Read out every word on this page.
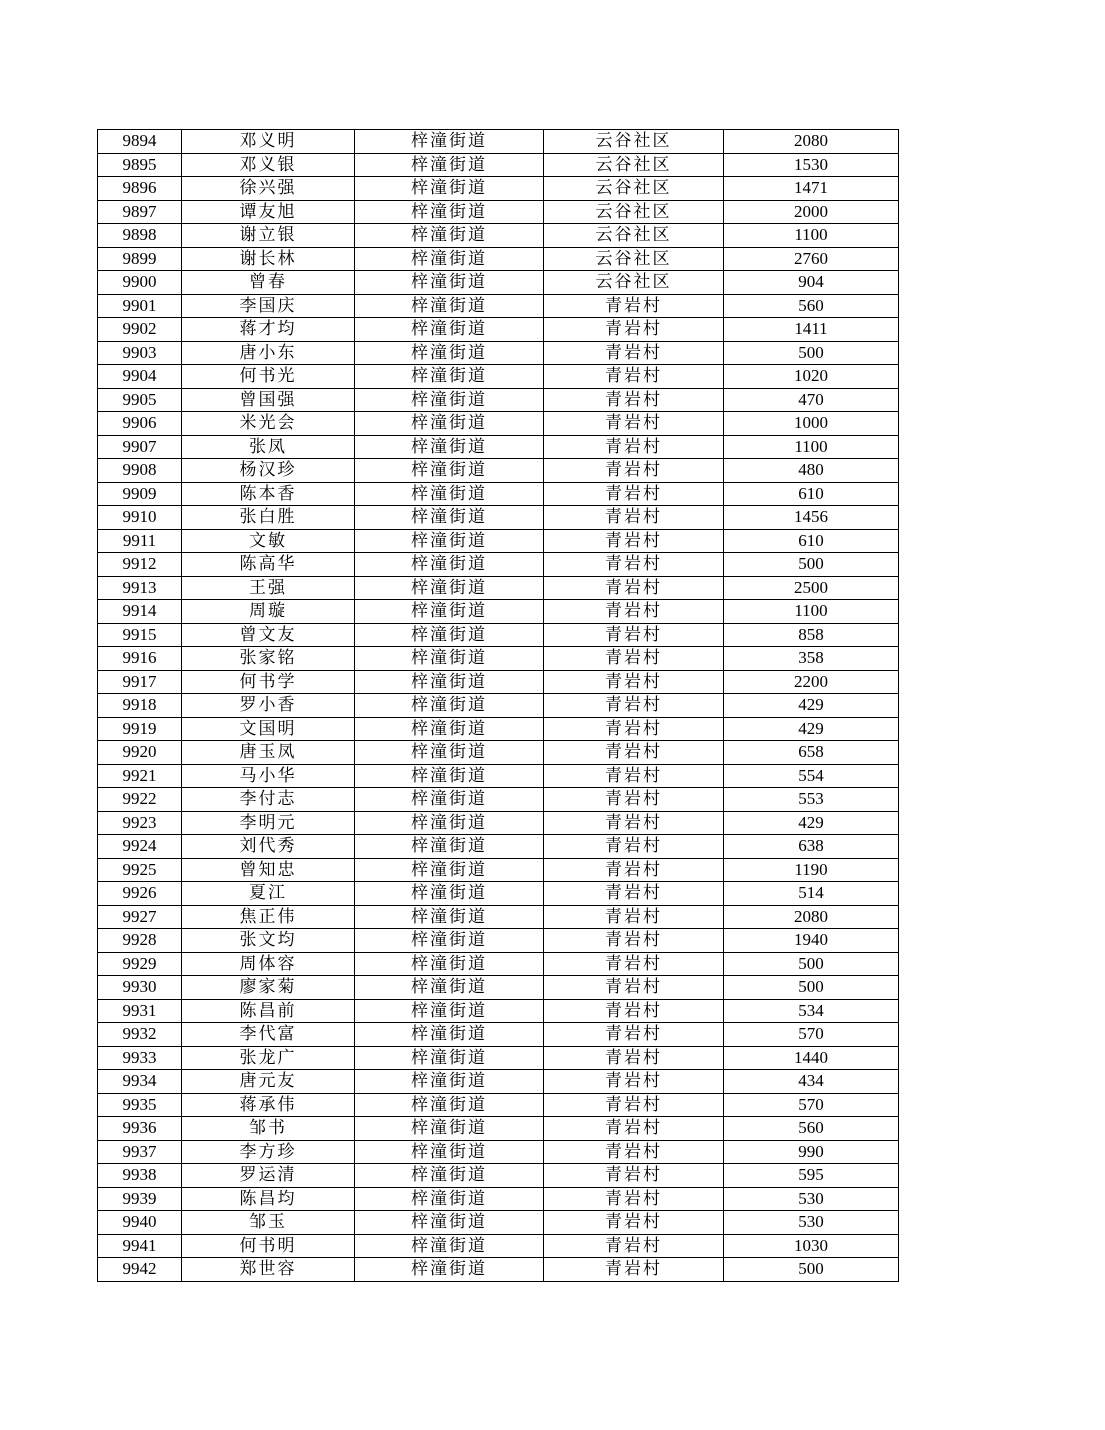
9894	邓义明	梓潼街道	云谷社区	2080
9895	邓义银	梓潼街道	云谷社区	1530
9896	徐兴强	梓潼街道	云谷社区	1471
9897	谭友旭	梓潼街道	云谷社区	2000
9898	谢立银	梓潼街道	云谷社区	1100
9899	谢长林	梓潼街道	云谷社区	2760
9900	曾春	梓潼街道	云谷社区	904
9901	李国庆	梓潼街道	青岩村	560
9902	蒋才均	梓潼街道	青岩村	1411
9903	唐小东	梓潼街道	青岩村	500
9904	何书光	梓潼街道	青岩村	1020
9905	曾国强	梓潼街道	青岩村	470
9906	米光会	梓潼街道	青岩村	1000
9907	张凤	梓潼街道	青岩村	1100
9908	杨汉珍	梓潼街道	青岩村	480
9909	陈本香	梓潼街道	青岩村	610
9910	张白胜	梓潼街道	青岩村	1456
9911	文敏	梓潼街道	青岩村	610
9912	陈高华	梓潼街道	青岩村	500
9913	王强	梓潼街道	青岩村	2500
9914	周璇	梓潼街道	青岩村	1100
9915	曾文友	梓潼街道	青岩村	858
9916	张家铭	梓潼街道	青岩村	358
9917	何书学	梓潼街道	青岩村	2200
9918	罗小香	梓潼街道	青岩村	429
9919	文国明	梓潼街道	青岩村	429
9920	唐玉凤	梓潼街道	青岩村	658
9921	马小华	梓潼街道	青岩村	554
9922	李付志	梓潼街道	青岩村	553
9923	李明元	梓潼街道	青岩村	429
9924	刘代秀	梓潼街道	青岩村	638
9925	曾知忠	梓潼街道	青岩村	1190
9926	夏江	梓潼街道	青岩村	514
9927	焦正伟	梓潼街道	青岩村	2080
9928	张文均	梓潼街道	青岩村	1940
9929	周体容	梓潼街道	青岩村	500
9930	廖家菊	梓潼街道	青岩村	500
9931	陈昌前	梓潼街道	青岩村	534
9932	李代富	梓潼街道	青岩村	570
9933	张龙广	梓潼街道	青岩村	1440
9934	唐元友	梓潼街道	青岩村	434
9935	蒋承伟	梓潼街道	青岩村	570
9936	邹书	梓潼街道	青岩村	560
9937	李方珍	梓潼街道	青岩村	990
9938	罗运清	梓潼街道	青岩村	595
9939	陈昌均	梓潼街道	青岩村	530
9940	邹玉	梓潼街道	青岩村	530
9941	何书明	梓潼街道	青岩村	1030
9942	郑世容	梓潼街道	青岩村	500
